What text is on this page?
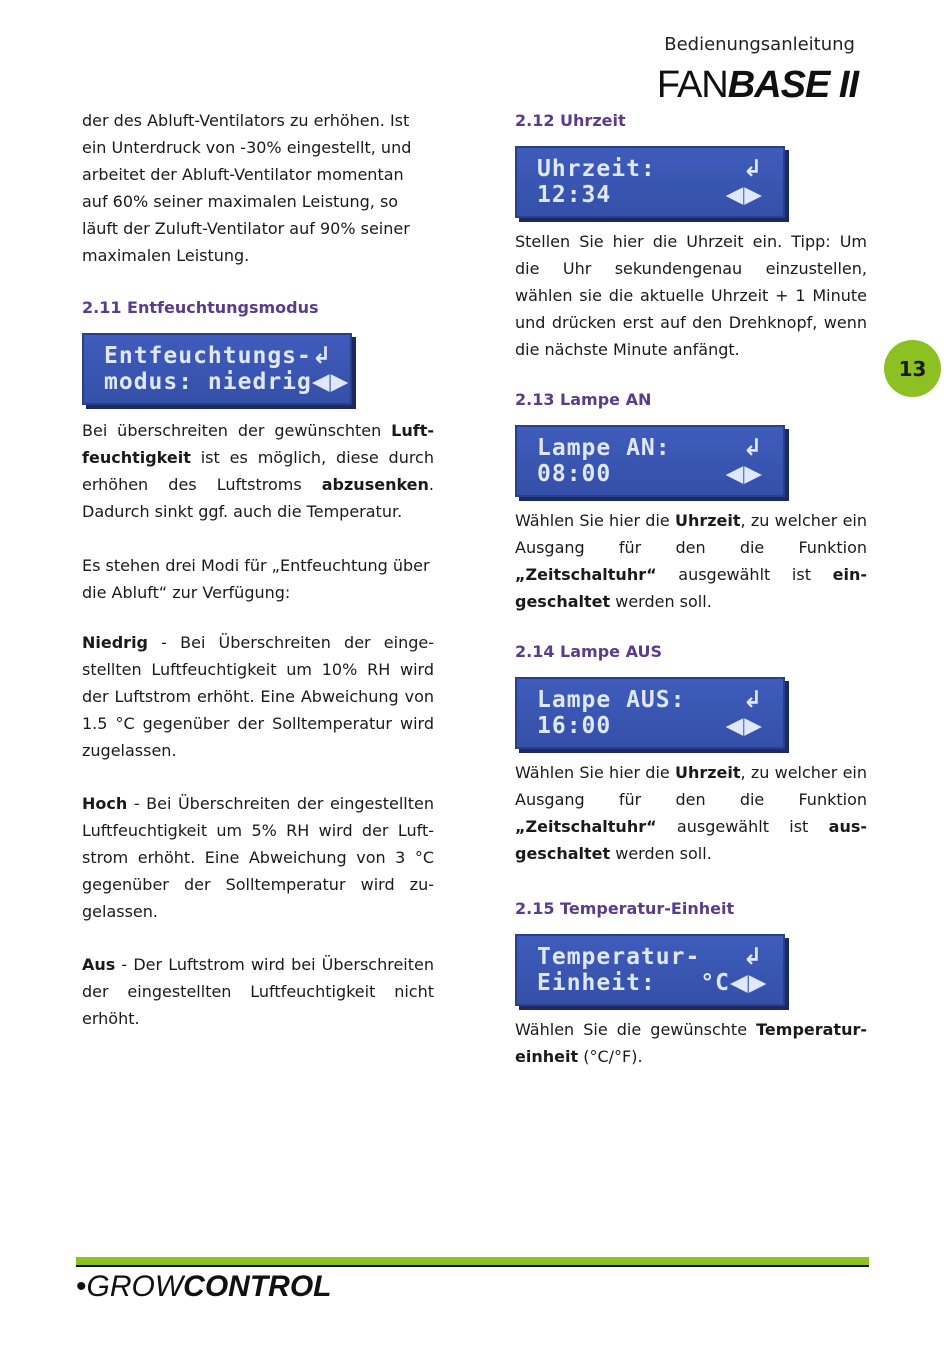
Bedienungsanleitung
FANBASE II
13

der des Abluft-Ventilators zu erhöhen. Ist ein Unterdruck von -30% eingestellt, und arbeitet der Abluft-Ventilator momentan auf 60% seiner maximalen Leistung, so läuft der Zuluft-Ventilator auf 90% seiner maximalen Leistung.

2.11 Entfeuchtungsmodus
Entfeuchtungs- ↲
modus: niedrig ◀▶

Bei überschreiten der gewünschten Luftfeuchtigkeit ist es möglich, diese durch erhöhen des Luftstroms abzusenken. Dadurch sinkt ggf. auch die Temperatur.

Es stehen drei Modi für „Entfeuchtung über die Abluft“ zur Verfügung:

Niedrig - Bei Überschreiten der eingestellten Luftfeuchtigkeit um 10% RH wird der Luftstrom erhöht. Eine Abweichung von 1.5 °C gegenüber der Solltemperatur wird zugelassen.

Hoch - Bei Überschreiten der eingestellten Luftfeuchtigkeit um 5% RH wird der Luftstrom erhöht. Eine Abweichung von 3 °C gegenüber der Solltemperatur wird zugelassen.

Aus - Der Luftstrom wird bei Überschreiten der eingestellten Luftfeuchtigkeit nicht erhöht.

2.12 Uhrzeit
Uhrzeit:	↲
12:34	◀▶

Stellen Sie hier die Uhrzeit ein. Tipp: Um die Uhr sekundengenau einzustellen, wählen sie die aktuelle Uhrzeit + 1 Minute und drücken erst auf den Drehknopf, wenn die nächste Minute anfängt.

2.13 Lampe AN
Lampe AN:	↲
08:00	◀▶

Wählen Sie hier die Uhrzeit, zu welcher ein Ausgang für den die Funktion „Zeitschaltuhr“ ausgewählt ist eingeschaltet werden soll.

2.14 Lampe AUS
Lampe AUS: ↲
16:00	◀▶

Wählen Sie hier die Uhrzeit, zu welcher ein Ausgang für den die Funktion „Zeitschaltuhr“ ausgewählt ist ausgeschaltet werden soll.

2.15 Temperatur-Einheit
Temperatur- ↲
Einheit:   °C ◀▶

Wählen Sie die gewünschte Temperatureinheit (°C/°F).

•GROWCONTROL
